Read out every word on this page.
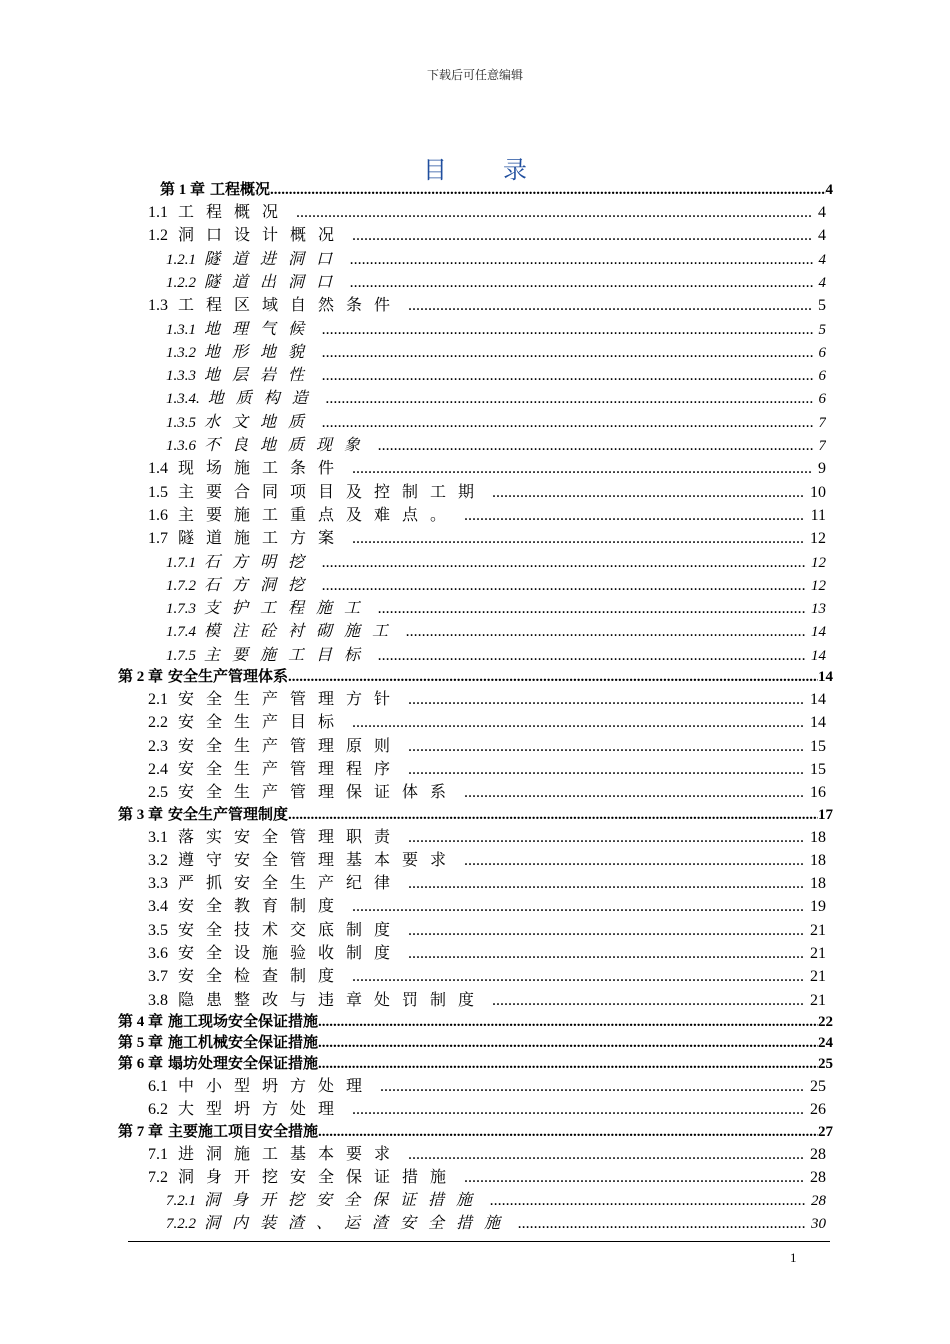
下载后可任意编辑
目录
第 1 章 工程概况 .....	4
1.1 工程概况 .....	4
1.2 洞口设计概况 .....	4
1.2.1 隧道进洞口 .....	4
1.2.2 隧道出洞口 .....	4
1.3 工程区域自然条件 .....	5
1.3.1 地理气候 .....	5
1.3.2 地形地貌 .....	6
1.3.3 地层岩性 .....	6
1.3.4. 地质构造 .....	6
1.3.5 水文地质 .....	7
1.3.6 不良地质现象 .....	7
1.4 现场施工条件 .....	9
1.5 主要合同项目及控制工期 .....	10
1.6 主要施工重点及难点。 .....	11
1.7 隧道施工方案 .....	12
1.7.1 石方明挖 .....	12
1.7.2 石方洞挖 .....	12
1.7.3 支护工程施工 .....	13
1.7.4 模注砼衬砌施工 .....	14
1.7.5 主要施工目标 .....	14
第 2 章 安全生产管理体系 .....	14
2.1 安全生产管理方针 .....	14
2.2 安全生产目标 .....	14
2.3 安全生产管理原则 .....	15
2.4 安全生产管理程序 .....	15
2.5 安全生产管理保证体系 .....	16
第 3 章 安全生产管理制度 .....	17
3.1 落实安全管理职责 .....	18
3.2 遵守安全管理基本要求 .....	18
3.3 严抓安全生产纪律 .....	18
3.4 安全教育制度 .....	19
3.5 安全技术交底制度 .....	21
3.6 安全设施验收制度 .....	21
3.7 安全检查制度 .....	21
3.8 隐患整改与违章处罚制度 .....	21
第 4 章 施工现场安全保证措施 .....	22
第 5 章 施工机械安全保证措施 .....	24
第 6 章 塌坊处理安全保证措施 .....	25
6.1 中小型坍方处理 .....	25
6.2 大型坍方处理 .....	26
第 7 章 主要施工项目安全措施 .....	27
7.1 进洞施工基本要求 .....	28
7.2 洞身开挖安全保证措施 .....	28
7.2.1 洞身开挖安全保证措施 .....	28
7.2.2 洞内装渣、运渣安全措施 .....	30
1
